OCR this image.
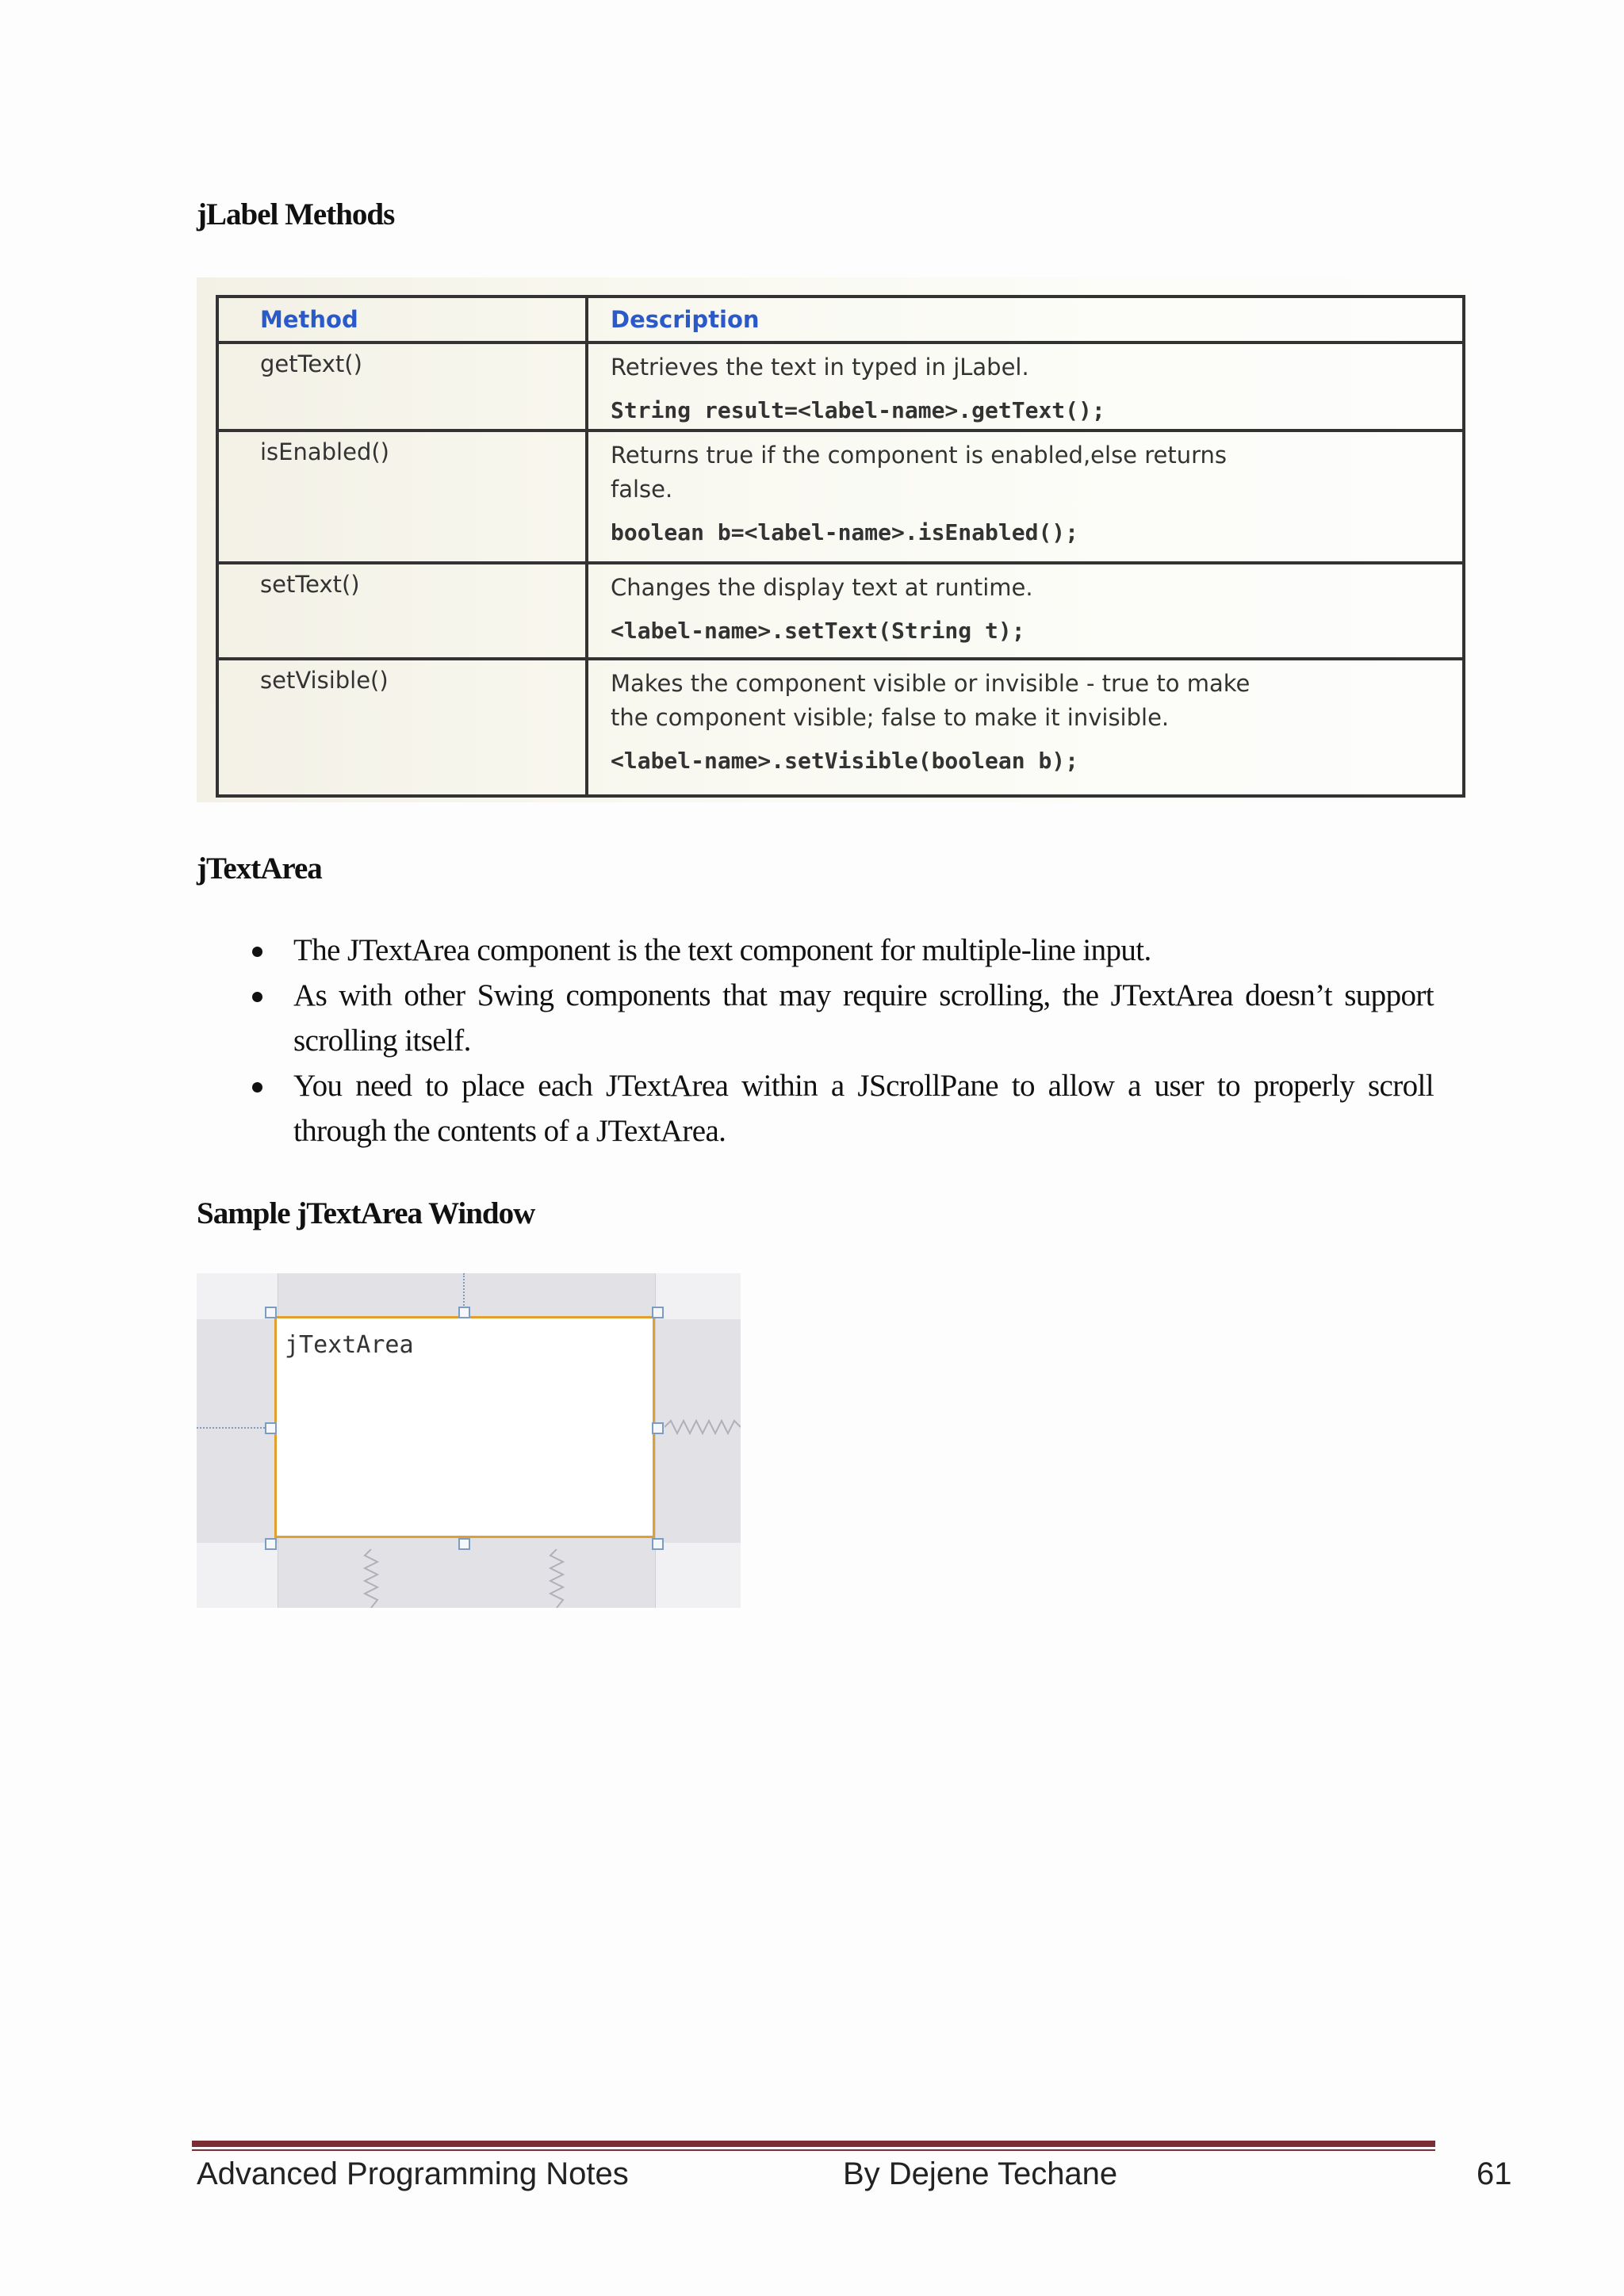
jLabel Methods
Method	Description
getText()	Retrieves the text in typed in jLabel.
String result=<label-name>.getText();

isEnabled()	Returns true if the component is enabled,else returns
false.
boolean b=<label-name>.isEnabled();

setText()	Changes the display text at runtime.
<label-name>.setText(String t);

setVisible()	Makes the component visible or invisible - true to make
the component visible; false to make it invisible.
<label-name>.setVisible(boolean b);
jTextArea
The JTextArea component is the text component for multiple-line input.
As with other Swing components that may require scrolling, the JTextArea doesn’t support scrolling itself.
You need to place each JTextArea within a JScrollPane to allow a user to properly scroll through the contents of a JTextArea.
Sample jTextArea Window
jTextArea
Advanced Programming Notes	By Dejene Techane	61
